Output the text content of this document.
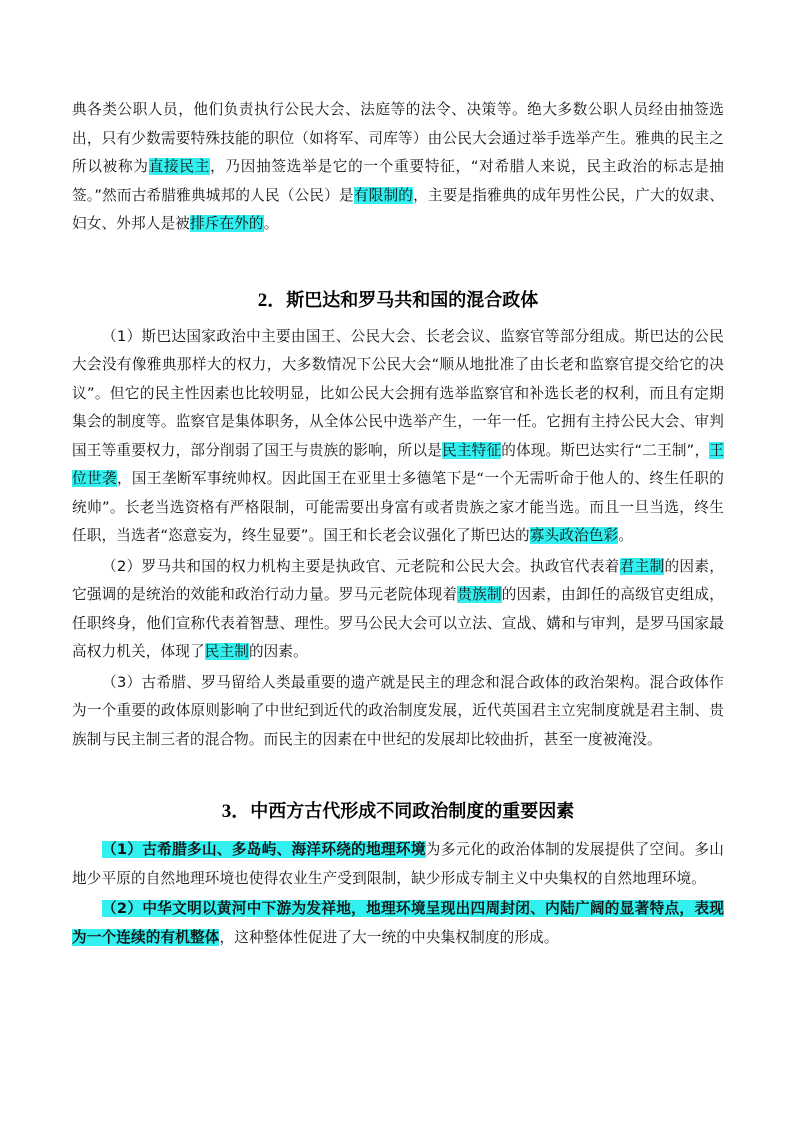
典各类公职人员，他们负责执行公民大会、法庭等的法令、决策等。绝大多数公职人员经由抽签选出，只有少数需要特殊技能的职位（如将军、司库等）由公民大会通过举手选举产生。雅典的民主之所以被称为直接民主，乃因抽签选举是它的一个重要特征，“对希腊人来说，民主政治的标志是抽签。”然而古希腊雅典城邦的人民（公民）是有限制的，主要是指雅典的成年男性公民，广大的奴隶、妇女、外邦人是被排斥在外的。

2．斯巴达和罗马共和国的混合政体

（1）斯巴达国家政治中主要由国王、公民大会、长老会议、监察官等部分组成。斯巴达的公民大会没有像雅典那样大的权力，大多数情况下公民大会“顺从地批准了由长老和监察官提交给它的决议”。但它的民主性因素也比较明显，比如公民大会拥有选举监察官和补选长老的权利，而且有定期集会的制度等。监察官是集体职务，从全体公民中选举产生，一年一任。它拥有主持公民大会、审判国王等重要权力，部分削弱了国王与贵族的影响，所以是民主特征的体现。斯巴达实行“二王制”，王位世袭，国王垄断军事统帅权。因此国王在亚里士多德笔下是“一个无需听命于他人的、终生任职的统帅”。长老当选资格有严格限制，可能需要出身富有或者贵族之家才能当选。而且一旦当选，终生任职，当选者“恣意妄为，终生显要”。国王和长老会议强化了斯巴达的寡头政治色彩。

（2）罗马共和国的权力机构主要是执政官、元老院和公民大会。执政官代表着君主制的因素，它强调的是统治的效能和政治行动力量。罗马元老院体现着贵族制的因素，由卸任的高级官吏组成，任职终身，他们宣称代表着智慧、理性。罗马公民大会可以立法、宣战、媾和与审判，是罗马国家最高权力机关，体现了民主制的因素。

（3）古希腊、罗马留给人类最重要的遗产就是民主的理念和混合政体的政治架构。混合政体作为一个重要的政体原则影响了中世纪到近代的政治制度发展，近代英国君主立宪制度就是君主制、贵族制与民主制三者的混合物。而民主的因素在中世纪的发展却比较曲折，甚至一度被淹没。

3．中西方古代形成不同政治制度的重要因素

（1）古希腊多山、多岛屿、海洋环绕的地理环境为多元化的政治体制的发展提供了空间。多山地少平原的自然地理环境也使得农业生产受到限制，缺少形成专制主义中央集权的自然地理环境。

（2）中华文明以黄河中下游为发祥地，地理环境呈现出四周封闭、内陆广阔的显著特点，表现为一个连续的有机整体，这种整体性促进了大一统的中央集权制度的形成。
